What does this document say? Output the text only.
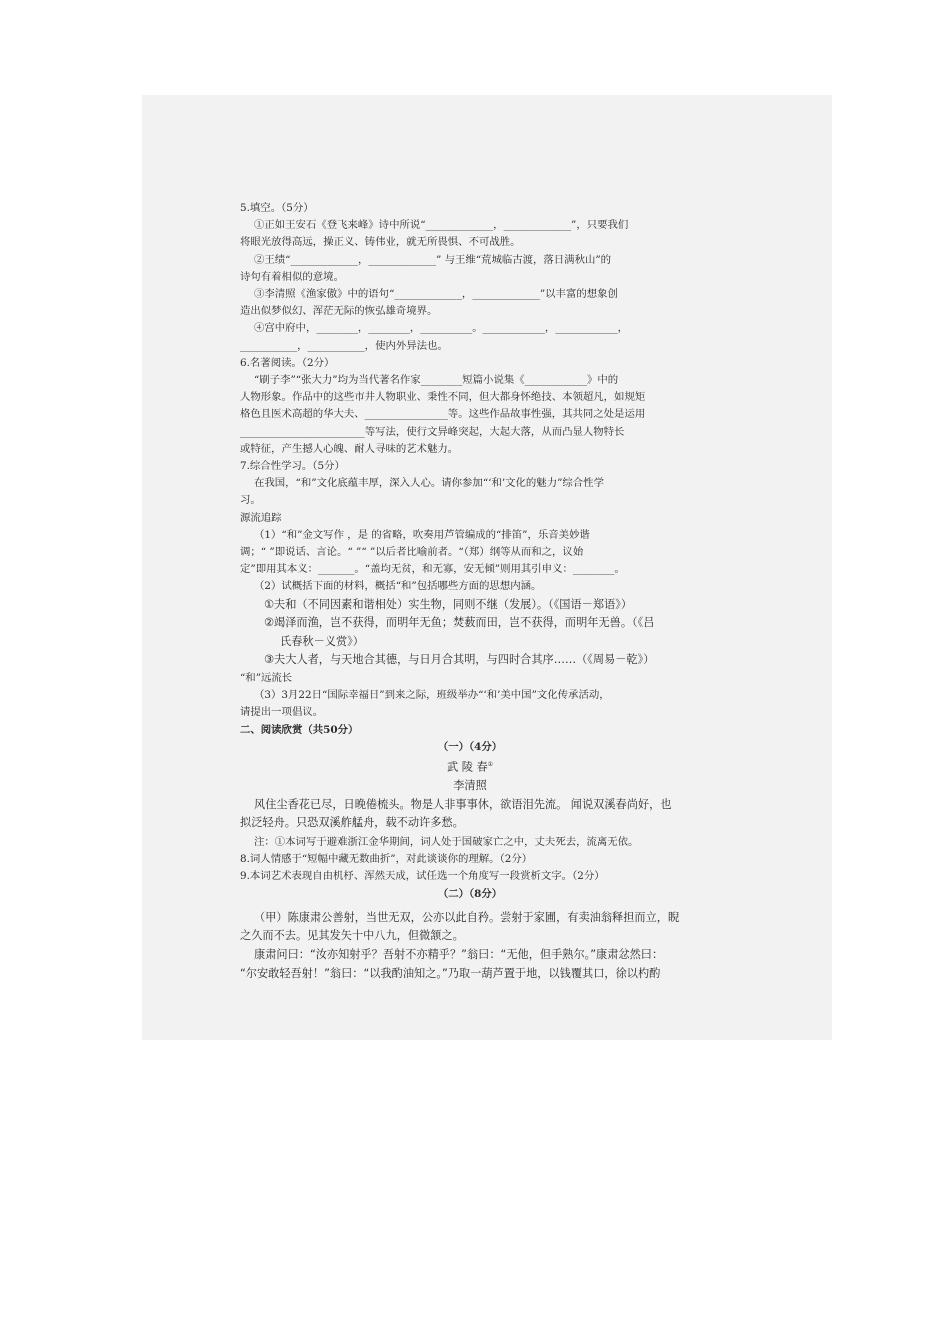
5.填空。（5分）
①正如王安石《登飞来峰》诗中所说“_____________，_____________”，只要我们
将眼光放得高远，操正义、铸伟业，就无所畏惧、不可战胜。
②王绩“_____________，_____________” 与王维“荒城临古渡，落日满秋山”的
诗句有着相似的意境。
③李清照《渔家傲》中的语句“_____________，_____________”以丰富的想象创
造出似梦似幻、浑茫无际的恢弘雄奇境界。
④宫中府中，________，________，__________。____________，____________，
___________，___________，使内外异法也。
6.名著阅读。（2分）
“刷子李”“张大力”均为当代著名作家________短篇小说集《____________》中的
人物形象。作品中的这些市井人物职业、秉性不同，但大都身怀绝技、本领超凡，如规矩
格色且医术高超的华大夫、________________等。这些作品故事性强，其共同之处是运用
________________________等写法，使行文异峰突起，大起大落，从而凸显人物特长
或特征，产生撼人心魄、耐人寻味的艺术魅力。
7.综合性学习。（5分）
在我国，“和”文化底蕴丰厚，深入人心。请你参加“‘和’文化的魅力”综合性学
习。
源流追踪
（1）“和”金文写作 ，是 的省略，吹奏用芦管编成的“排笛”，乐音美妙谐
调；“ ”即说话、言论。“ ”“ ”以后者比喻前者。“（郑）纲等从而和之，议始
定”即用其本义：_______。“盖均无贫，和无寡，安无倾”则用其引申义：________。
（2）试概括下面的材料，概括“和”包括哪些方面的思想内涵。
①夫和（不同因素和谐相处）实生物，同则不继（发展）。（《国语－郑语》）
②竭泽而渔，岂不获得，而明年无鱼；焚薮而田，岂不获得，而明年无兽。（《吕
氏春秋－义赏》）
③夫大人者，与天地合其德，与日月合其明，与四时合其序……（《周易－乾》）
“和”远流长
（3）3月22日“国际幸福日”到来之际，班级举办“‘和’美中国”文化传承活动，
请提出一项倡议。
二、阅读欣赏（共50分）
（一）（4分）
武 陵 春①
李清照
风住尘香花已尽，日晚倦梳头。物是人非事事休，欲语泪先流。 闻说双溪春尚好，也
拟泛轻舟。只恐双溪舴艋舟，载不动许多愁。
注：①本词写于避难浙江金华期间，词人处于国破家亡之中，丈夫死去，流离无依。
8.词人情感于“短幅中藏无数曲折”，对此谈谈你的理解。（2分）
9.本词艺术表现自由机杼、浑然天成，试任选一个角度写一段赏析文字。（2分）
（二）（8分）
（甲）陈康肃公善射，当世无双，公亦以此自矜。尝射于家圃，有卖油翁释担而立，睨
之久而不去。见其发矢十中八九，但微颔之。
康肃问曰：“汝亦知射乎？吾射不亦精乎？”翁曰：“无他，但手熟尔。”康肃忿然曰：
“尔安敢轻吾射！”翁曰：“以我酌油知之。”乃取一葫芦置于地，以钱覆其口，徐以杓酌
